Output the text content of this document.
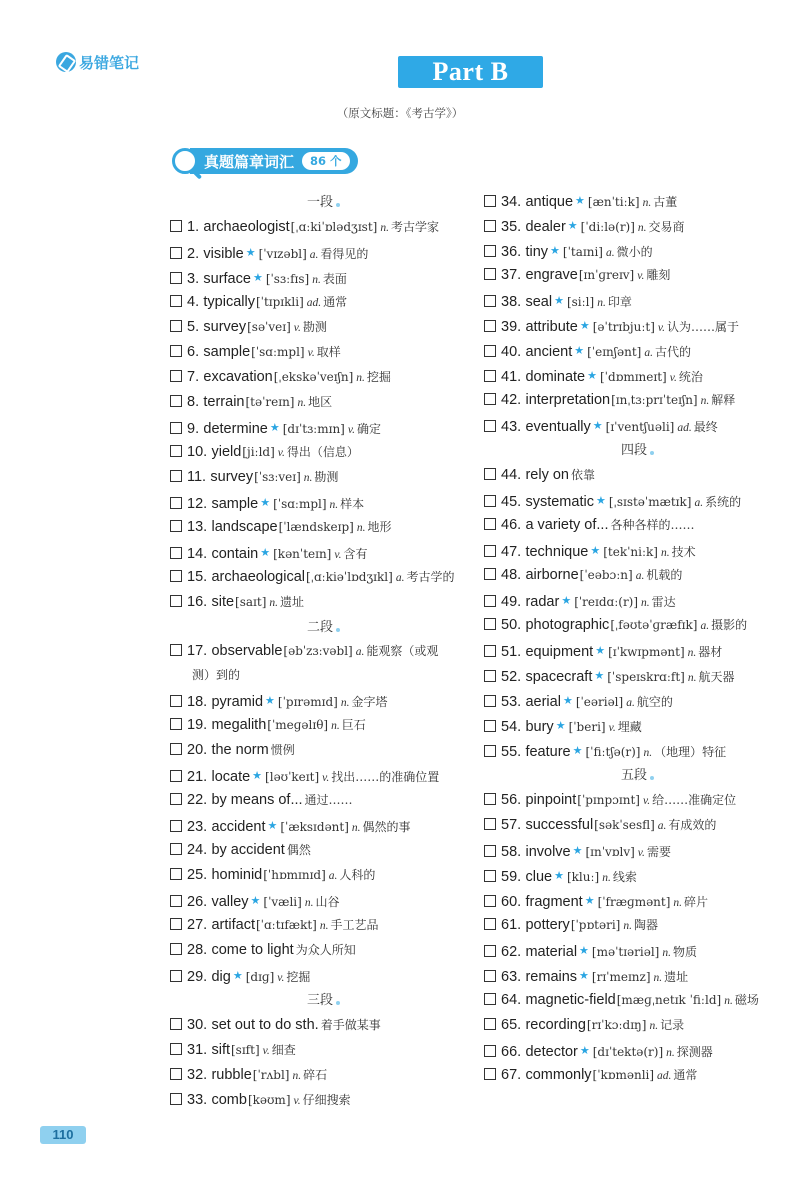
易错笔记	Part B
（原文标题：《考古学》）
真题篇章词汇	86 个
一段
1. archaeologist[ˌɑːkiˈɒlədʒɪst] n. 考古学家
2. visible ★ [ˈvɪzəbl] a. 看得见的
3. surface ★ [ˈsɜːfɪs] n. 表面
4. typically[ˈtɪpɪkli] ad. 通常
5. survey[səˈveɪ] v. 勘测
6. sample[ˈsɑːmpl] v. 取样
7. excavation[ˌekskəˈveɪʃn] n. 挖掘
8. terrain[təˈreɪn] n. 地区
9. determine ★ [dɪˈtɜːmɪn] v. 确定
10. yield[jiːld] v. 得出（信息）
11. survey[ˈsɜːveɪ] n. 勘测
12. sample ★ [ˈsɑːmpl] n. 样本
13. landscape[ˈlændskeɪp] n. 地形
14. contain ★ [kənˈteɪn] v. 含有
15. archaeological[ˌɑːkiəˈlɒdʒɪkl] a. 考古学的
16. site[saɪt] n. 遗址
二段
17. observable[əbˈzɜːvəbl] a. 能观察（或观
测）到的
18. pyramid ★ [ˈpɪrəmɪd] n. 金字塔
19. megalith[ˈmeɡəlɪθ] n. 巨石
20. the norm 惯例
21. locate ★ [ləʊˈkeɪt] v. 找出……的准确位置
22. by means of... 通过……
23. accident ★ [ˈæksɪdənt] n. 偶然的事
24. by accident 偶然
25. hominid[ˈhɒmɪnɪd] a. 人科的
26. valley ★ [ˈvæli] n. 山谷
27. artifact[ˈɑːtɪfækt] n. 手工艺品
28. come to light 为众人所知
29. dig ★ [dɪɡ] v. 挖掘
三段
30. set out to do sth. 着手做某事
31. sift[sɪft] v. 细查
32. rubble[ˈrʌbl] n. 碎石
33. comb[kəʊm] v. 仔细搜索
34. antique ★ [ænˈtiːk] n. 古董
35. dealer ★ [ˈdiːlə(r)] n. 交易商
36. tiny ★ [ˈtaɪni] a. 微小的
37. engrave[ɪnˈɡreɪv] v. 雕刻
38. seal ★ [siːl] n. 印章
39. attribute ★ [əˈtrɪbjuːt] v. 认为……属于
40. ancient ★ [ˈeɪnʃənt] a. 古代的
41. dominate ★ [ˈdɒmɪneɪt] v. 统治
42. interpretation[ɪnˌtɜːprɪˈteɪʃn] n. 解释
43. eventually ★ [ɪˈventʃuəli] ad. 最终
四段
44. rely on 依靠
45. systematic ★ [ˌsɪstəˈmætɪk] a. 系统的
46. a variety of... 各种各样的……
47. technique ★ [tekˈniːk] n. 技术
48. airborne[ˈeəbɔːn] a. 机载的
49. radar ★ [ˈreɪdɑː(r)] n. 雷达
50. photographic[ˌfəʊtəˈɡræfɪk] a. 摄影的
51. equipment ★ [ɪˈkwɪpmənt] n. 器材
52. spacecraft ★ [ˈspeɪskrɑːft] n. 航天器
53. aerial ★ [ˈeəriəl] a. 航空的
54. bury ★ [ˈberi] v. 埋藏
55. feature ★ [ˈfiːtʃə(r)] n. （地理）特征
五段
56. pinpoint[ˈpɪnpɔɪnt] v. 给……准确定位
57. successful[səkˈsesfl] a. 有成效的
58. involve ★ [ɪnˈvɒlv] v. 需要
59. clue ★ [kluː] n. 线索
60. fragment ★ [ˈfræɡmənt] n. 碎片
61. pottery[ˈpɒtəri] n. 陶器
62. material ★ [məˈtɪəriəl] n. 物质
63. remains ★ [rɪˈmeɪnz] n. 遗址
64. magnetic-field[mæɡˌnetɪk ˈfiːld] n. 磁场
65. recording[rɪˈkɔːdɪŋ] n. 记录
66. detector ★ [dɪˈtektə(r)] n. 探测器
67. commonly[ˈkɒmənli] ad. 通常
110
